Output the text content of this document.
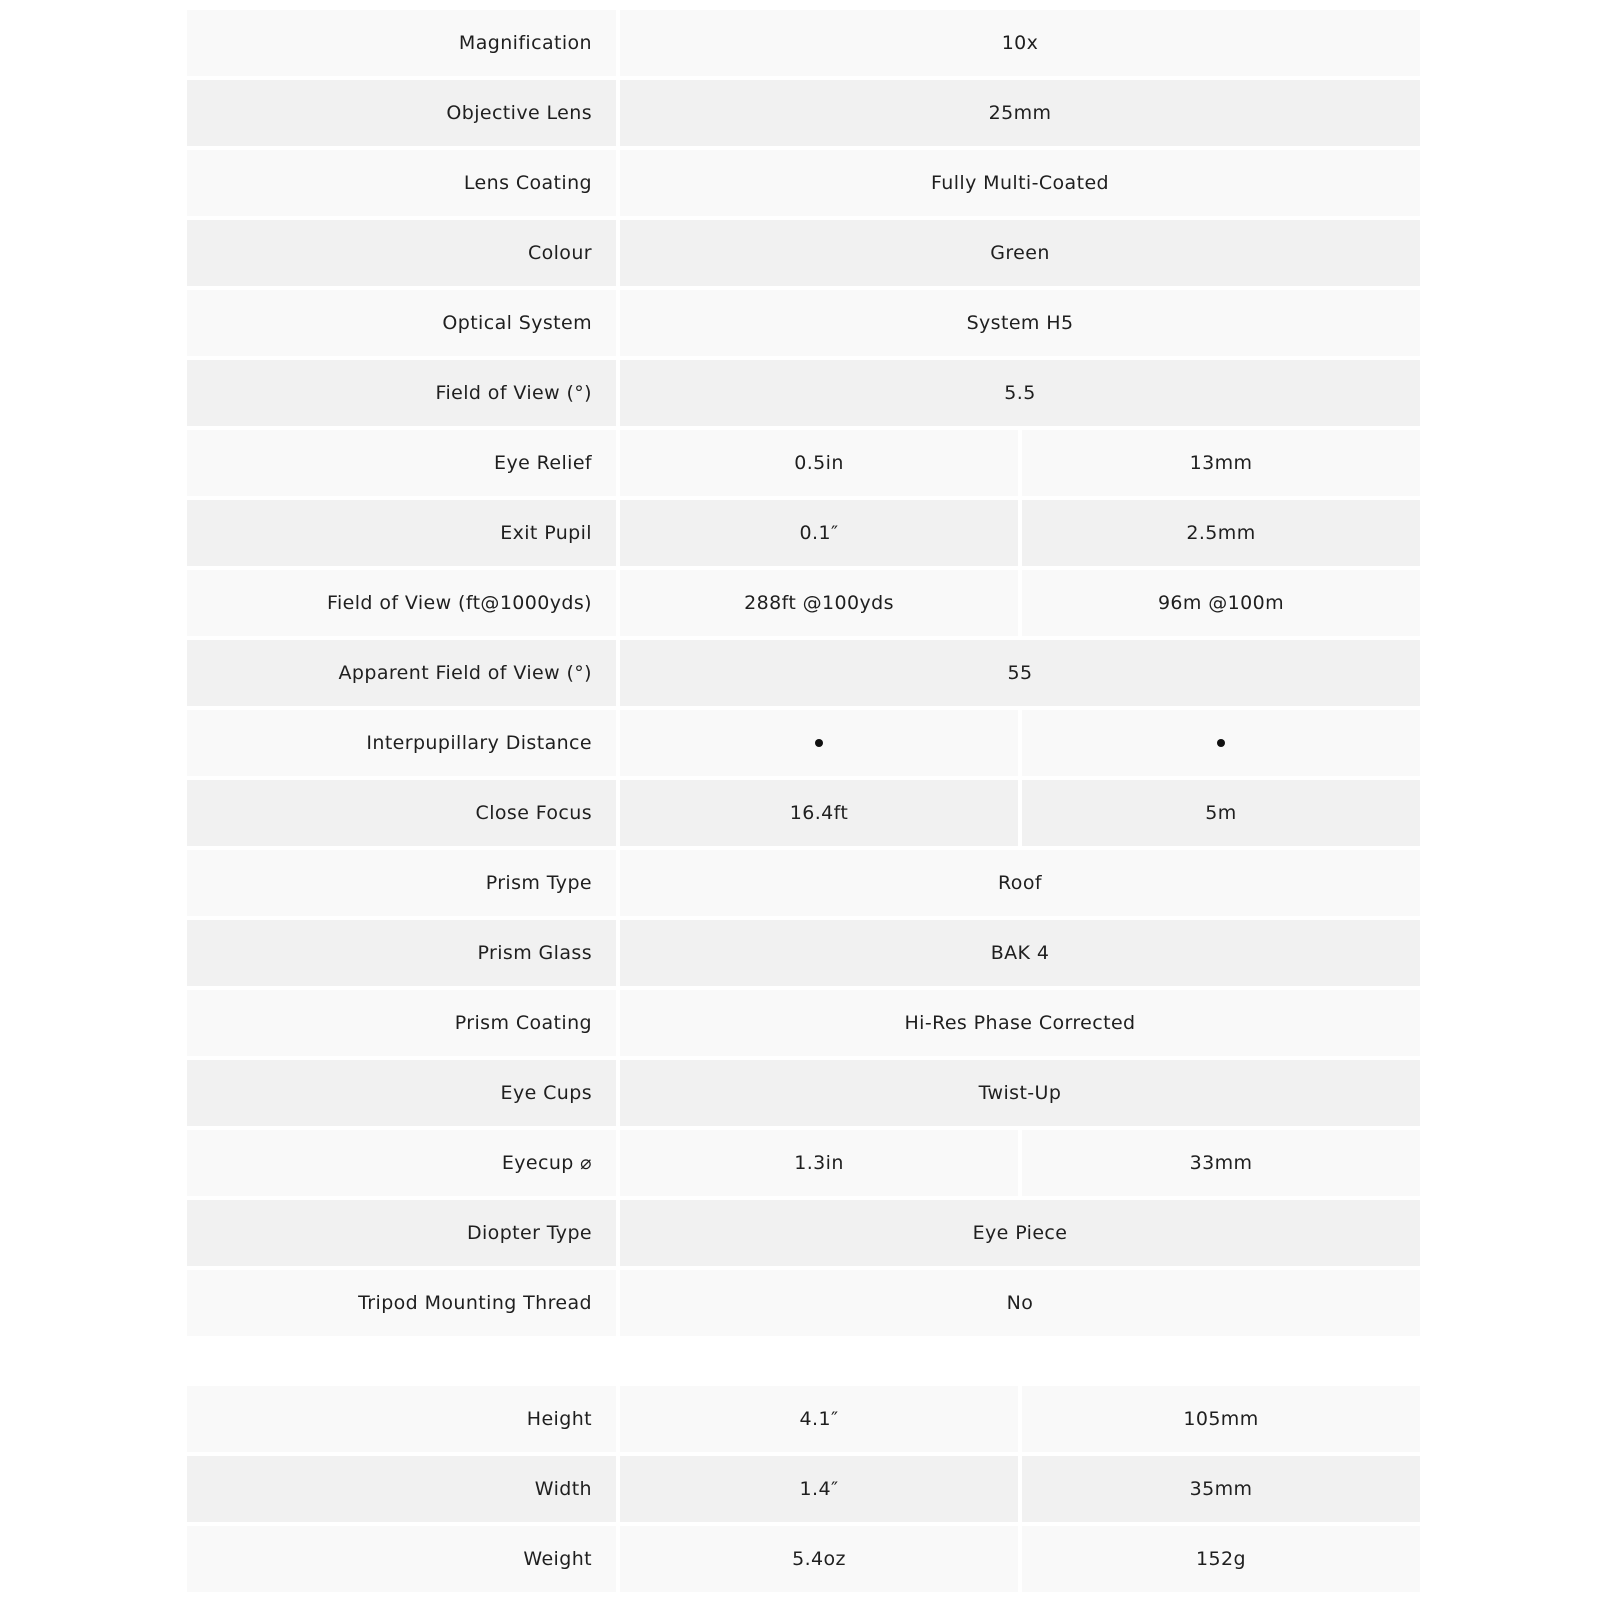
Magnification	10x
Objective Lens	25mm
Lens Coating	Fully Multi-Coated
Colour	Green
Optical System	System H5
Field of View (°)	5.5
Eye Relief	0.5in	13mm
Exit Pupil	0.1″	2.5mm
Field of View (ft@1000yds)	288ft @100yds	96m @100m
Apparent Field of View (°)	55
Interpupillary Distance
Close Focus	16.4ft	5m
Prism Type	Roof
Prism Glass	BAK 4
Prism Coating	Hi-Res Phase Corrected
Eye Cups	Twist-Up
Eyecup ⌀	1.3in	33mm
Diopter Type	Eye Piece
Tripod Mounting Thread	No
Height	4.1″	105mm
Width	1.4″	35mm
Weight	5.4oz	152g
